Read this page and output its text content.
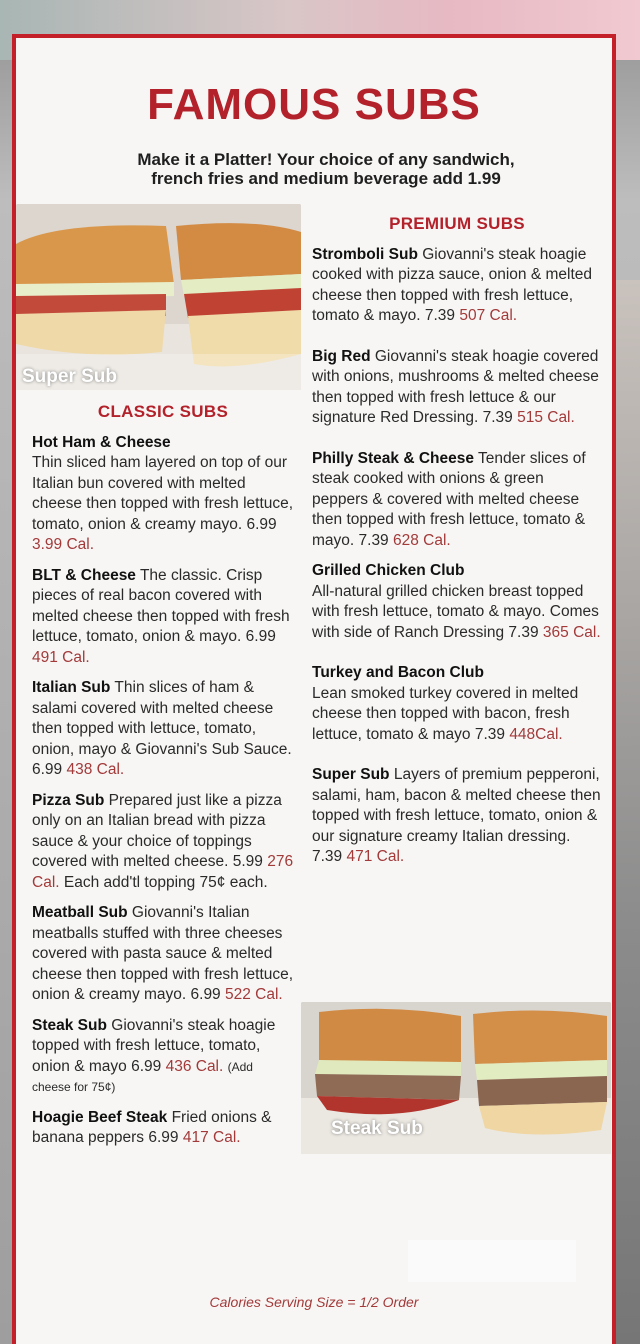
FAMOUS SUBS
Make it a Platter! Your choice of any sandwich,
french fries and medium beverage add 1.99
Super Sub
PREMIUM SUBS
Stromboli Sub Giovanni's steak hoagie cooked with pizza sauce, onion & melted cheese then topped with fresh lettuce, tomato & mayo. 7.39 507 Cal.
Big Red Giovanni's steak hoagie covered with onions, mushrooms & melted cheese then topped with fresh lettuce & our signature Red Dressing. 7.39 515 Cal.
Philly Steak & Cheese Tender slices of steak cooked with onions & green peppers & covered with melted cheese then topped with fresh lettuce, tomato & mayo. 7.39 628 Cal.
Grilled Chicken Club
All-natural grilled chicken breast topped with fresh lettuce, tomato & mayo. Comes with side of Ranch Dressing 7.39 365 Cal.
Turkey and Bacon Club
Lean smoked turkey covered in melted cheese then topped with bacon, fresh lettuce, tomato & mayo 7.39 448Cal.
Super Sub Layers of premium pepperoni, salami, ham, bacon & melted cheese then topped with fresh lettuce, tomato, onion & our signature creamy Italian dressing. 7.39 471 Cal.
CLASSIC SUBS
Hot Ham & Cheese
Thin sliced ham layered on top of our Italian bun covered with melted cheese then topped with fresh lettuce, tomato, onion & creamy mayo. 6.99 3.99 Cal.
BLT & Cheese The classic. Crisp pieces of real bacon covered with melted cheese then topped with fresh lettuce, tomato, onion & mayo. 6.99 491 Cal.
Italian Sub Thin slices of ham & salami covered with melted cheese then topped with lettuce, tomato, onion, mayo & Giovanni's Sub Sauce. 6.99 438 Cal.
Pizza Sub Prepared just like a pizza only on an Italian bread with pizza sauce & your choice of toppings covered with melted cheese. 5.99 276 Cal. Each add'tl topping 75¢ each.
Meatball Sub Giovanni's Italian meatballs stuffed with three cheeses covered with pasta sauce & melted cheese then topped with fresh lettuce, onion & creamy mayo. 6.99 522 Cal.
Steak Sub Giovanni's steak hoagie topped with fresh lettuce, tomato, onion & mayo 6.99 436 Cal. (Add cheese for 75¢)
Hoagie Beef Steak Fried onions & banana peppers 6.99 417 Cal.	Steak Sub
Calories Serving Size = 1/2 Order
